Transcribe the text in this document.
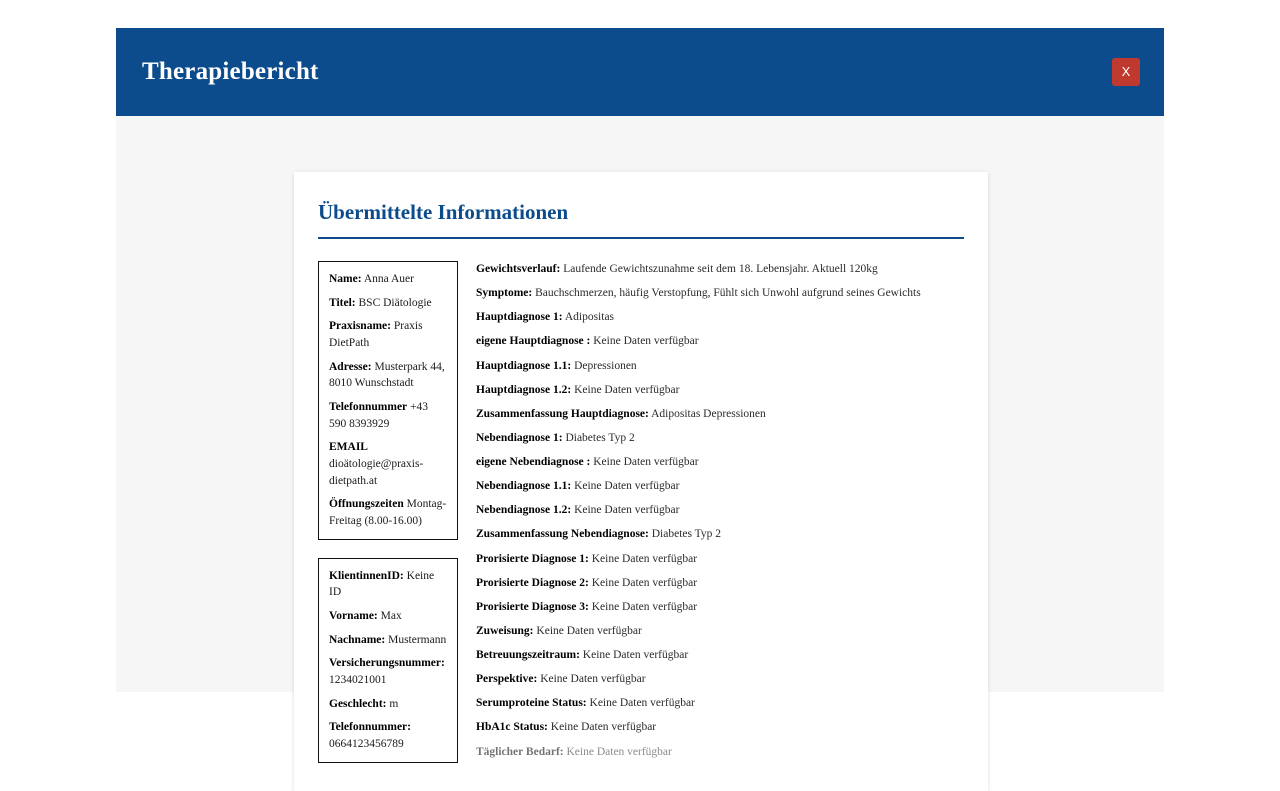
Therapiebericht	X
Übermittelte Informationen
Name: Anna Auer
Titel: BSC Diätologie
Praxisname: Praxis DietPath
Adresse: Musterpark 44, 8010 Wunschstadt
Telefonnummer +43 590 8393929
EMAIL dioätologie@praxis-dietpath.at
Öffnungszeiten Montag-Freitag (8.00-16.00)
KlientinnenID: Keine ID
Vorname: Max
Nachname: Mustermann
Versicherungsnummer: 1234021001
Geschlecht: m
Telefonnummer: 0664123456789
Gewichtsverlauf: Laufende Gewichtszunahme seit dem 18. Lebensjahr. Aktuell 120kg
Symptome: Bauchschmerzen, häufig Verstopfung, Fühlt sich Unwohl aufgrund seines Gewichts
Hauptdiagnose 1: Adipositas
eigene Hauptdiagnose : Keine Daten verfügbar
Hauptdiagnose 1.1: Depressionen
Hauptdiagnose 1.2: Keine Daten verfügbar
Zusammenfassung Hauptdiagnose: Adipositas Depressionen
Nebendiagnose 1: Diabetes Typ 2
eigene Nebendiagnose : Keine Daten verfügbar
Nebendiagnose 1.1: Keine Daten verfügbar
Nebendiagnose 1.2: Keine Daten verfügbar
Zusammenfassung Nebendiagnose: Diabetes Typ 2
Prorisierte Diagnose 1: Keine Daten verfügbar
Prorisierte Diagnose 2: Keine Daten verfügbar
Prorisierte Diagnose 3: Keine Daten verfügbar
Zuweisung: Keine Daten verfügbar
Betreuungszeitraum: Keine Daten verfügbar
Perspektive: Keine Daten verfügbar
Serumproteine Status: Keine Daten verfügbar
HbA1c Status: Keine Daten verfügbar
Täglicher Bedarf: Keine Daten verfügbar
